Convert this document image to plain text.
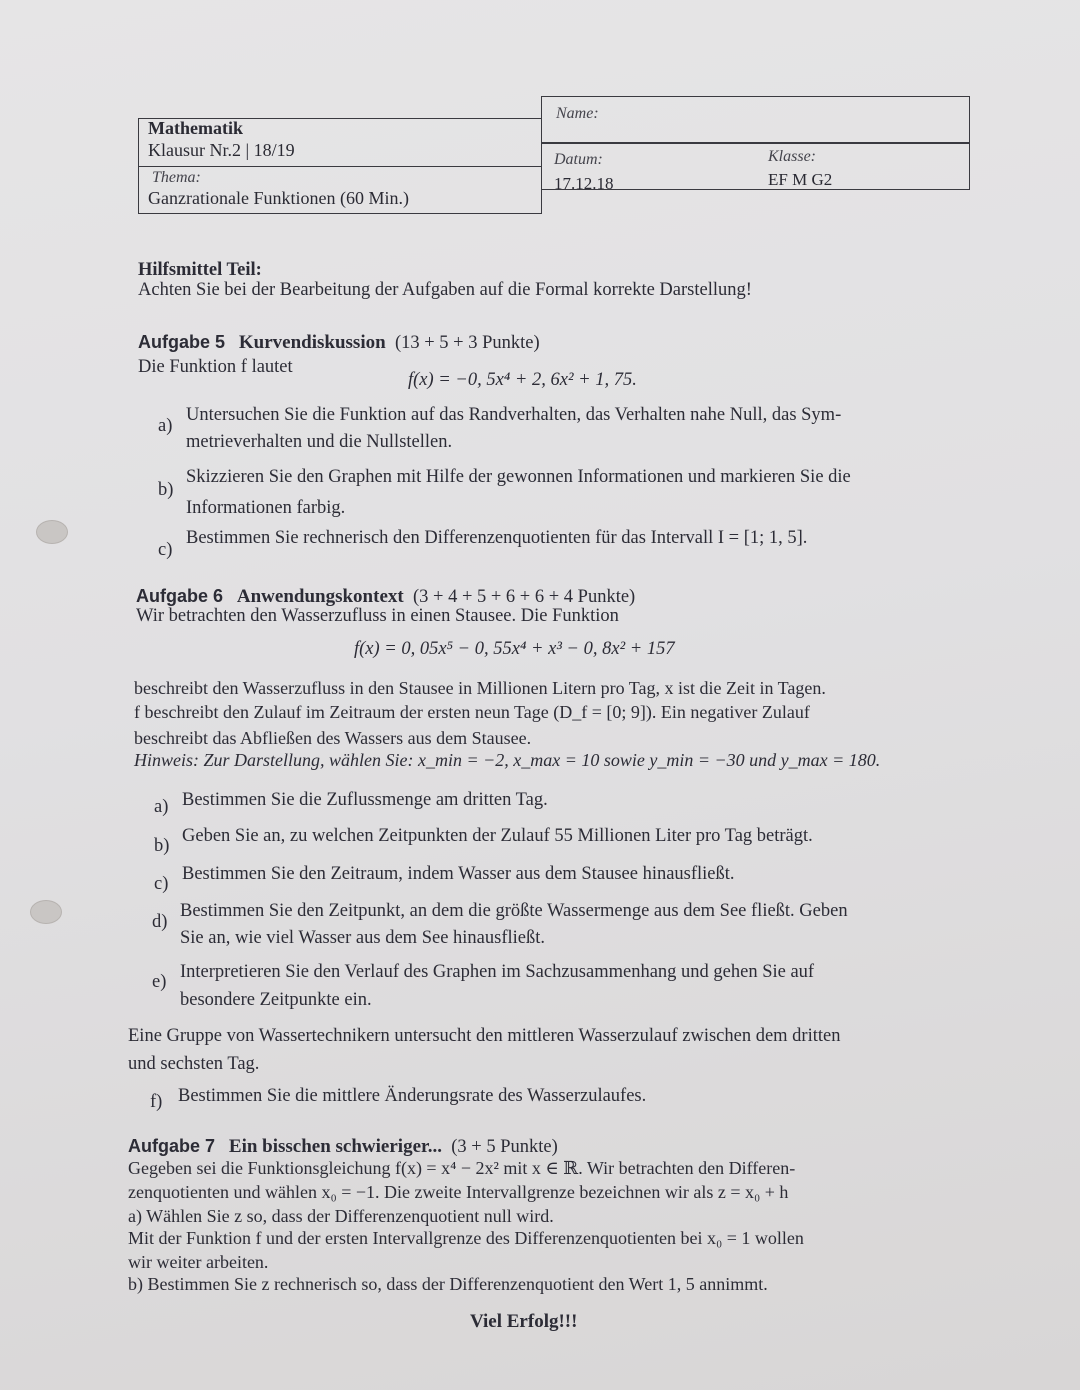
Mathematik
Klausur Nr.2 | 18/19
Thema:
Ganzrationale Funktionen (60 Min.)
Name:
Datum:
17.12.18
Klasse:
EF M G2
Hilfsmittel Teil:
Achten Sie bei der Bearbeitung der Aufgaben auf die Formal korrekte Darstellung!
Aufgabe 5 Kurvendiskussion (13 + 5 + 3 Punkte)
Die Funktion f lautet
f(x) = −0, 5x⁴ + 2, 6x² + 1, 75.
a)
Untersuchen Sie die Funktion auf das Randverhalten, das Verhalten nahe Null, das Sym-
metrieverhalten und die Nullstellen.
b)
Skizzieren Sie den Graphen mit Hilfe der gewonnen Informationen und markieren Sie die
Informationen farbig.
c)
Bestimmen Sie rechnerisch den Differenzenquotienten für das Intervall I = [1; 1, 5].
Aufgabe 6 Anwendungskontext (3 + 4 + 5 + 6 + 6 + 4 Punkte)
Wir betrachten den Wasserzufluss in einen Stausee. Die Funktion
f(x) = 0, 05x⁵ − 0, 55x⁴ + x³ − 0, 8x² + 157
beschreibt den Wasserzufluss in den Stausee in Millionen Litern pro Tag, x ist die Zeit in Tagen.
f beschreibt den Zulauf im Zeitraum der ersten neun Tage (D_f = [0; 9]). Ein negativer Zulauf
beschreibt das Abfließen des Wassers aus dem Stausee.
Hinweis: Zur Darstellung, wählen Sie: x_min = −2, x_max = 10 sowie y_min = −30 und y_max = 180.
a) Bestimmen Sie die Zuflussmenge am dritten Tag.
b) Geben Sie an, zu welchen Zeitpunkten der Zulauf 55 Millionen Liter pro Tag beträgt.
c) Bestimmen Sie den Zeitraum, indem Wasser aus dem Stausee hinausfließt.
d)
Bestimmen Sie den Zeitpunkt, an dem die größte Wassermenge aus dem See fließt. Geben
Sie an, wie viel Wasser aus dem See hinausfließt.
e) Interpretieren Sie den Verlauf des Graphen im Sachzusammenhang und gehen Sie auf
besondere Zeitpunkte ein.
Eine Gruppe von Wassertechnikern untersucht den mittleren Wasserzulauf zwischen dem dritten
und sechsten Tag.
f) Bestimmen Sie die mittlere Änderungsrate des Wasserzulaufes.
Aufgabe 7 Ein bisschen schwieriger... (3 + 5 Punkte)
Gegeben sei die Funktionsgleichung f(x) = x⁴ − 2x² mit x ∈ ℝ. Wir betrachten den Differen-
zenquotienten und wählen x₀ = −1. Die zweite Intervallgrenze bezeichnen wir als z = x₀ + h
a) Wählen Sie z so, dass der Differenzenquotient null wird.
Mit der Funktion f und der ersten Intervallgrenze des Differenzenquotienten bei x₀ = 1 wollen
wir weiter arbeiten.
b) Bestimmen Sie z rechnerisch so, dass der Differenzenquotient den Wert 1, 5 annimmt.
Viel Erfolg!!!
